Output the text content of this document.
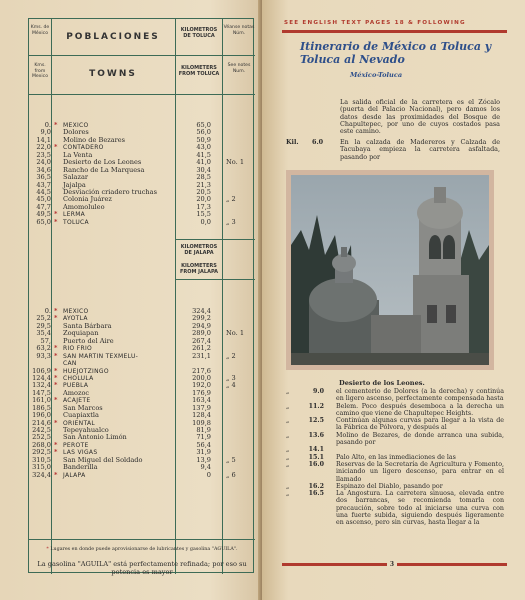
Kms. de México
Kms. from Mexico
POBLACIONES
TOWNS
KILOMETROS DE TOLUCA
KILOMETERS FROM TOLUCA
Véanse notas Núm.
See notes Num.
KILOMETROS DE JALAPA
KILOMETERS FROM JALAPA
0. * MEXICO	65,0
9,0 Dolores	56,0
14,1 Molino de Bezares	50,9
22,0 * CONTADERO	43,0
23,5 La Venta	41,5
24,0 Desierto de Los Leones	41,0 No. 1
34,6 Rancho de La Marquesa	30,4
36,5 Salazar	28,5
43,7 Jajalpa	21,3
44,5 Desviación criadero truchas	20,5
45,0 Colonia Juárez	20,0 „ 2
47,7 Amomoluleo	17,3
49,5 * LERMA	15,5
65,0 * TOLUCA	0,0 „ 3
0. * MEXICO	324,4
25,2 * AYOTLA	299,2
29,5 Santa Bárbara	294,9
35,4 Zoquiapan	289,0 No. 1
57, Puerto del Aire	267,4
63,2 * RIO FRIO	261,2
93,3 * SAN MARTIN TEXMELU-	231,1 „ 2
CAN
106,9 * HUEJOTZINGO	217,6
124,4 * CHOLULA	200,0 „ 3
132,4 * PUEBLA	192,0 „ 4
147,5 Amozoc	176,9
161,0 * ACAJETE	163,4
186,5 San Marcos	137,9
196,0 Cuapiaxtla	128,4
214,6 * ORIENTAL	109,8
242,5 Tepeyahualco	81,9
252,5 San Antonio Limón	71,9
268,0 * PEROTE	56,4
292,5 * LAS VIGAS	31,9
310,5 San Miguel del Soldado	13,9 „ 5
315,0 Banderilla	9,4
324,4 * JALAPA	0 „ 6
* Lugares en donde puede aprovisionarse de lubricantes y gasolina "AGUILA".
La gasolina "AGUILA" está perfectamente refinada; por eso su potencia es mayor
SEE ENGLISH TEXT PAGES 18 & FOLLOWING
Itinerario de México a Toluca y Toluca al Nevado
México-Toluca
La salida oficial de la carretera es el Zócalo (puerta del Palacio Nacional), pero damos los datos desde las proximidades del Bosque de Chapultepec, por uno de cuyos costados pasa este camino.
Kil.	6.0	En la calzada de Madereros y Calzada de Tacubaya empieza la carretera asfaltada, pasando por
Desierto de los Leones.
„	9.0 el cementerio de Dolores (a la derecha) y continúa en ligero ascenso, perfectamente compensada hasta
„	11.2 Belem. Poco después desemboca a la derecha un camino que viene de Chapultepec Heights.
„	12.5 Continúan algunas curvas para llegar a la vista de la Fábrica de Pólvora, y después al
„	13.6 Molino de Bezares, de donde arranca una subida, pasando por
„	14.1
„	15.1 Palo Alto, en las inmediaciones de las
„	16.0 Reservas de la Secretaría de Agricultura y Fomento, iniciando un ligero descenso, para entrar en el llamado
„	16.2 Espinazo del Diablo, pasando por
„	16.5 La Angostura. La carretera sinuosa, elevada entre dos barrancas, se recomienda tomarla con precaución, sobre todo al iniciarse una curva con una fuerte subida, siguiendo después ligeramente en ascenso, pero sin curvas, hasta llegar a la
3
